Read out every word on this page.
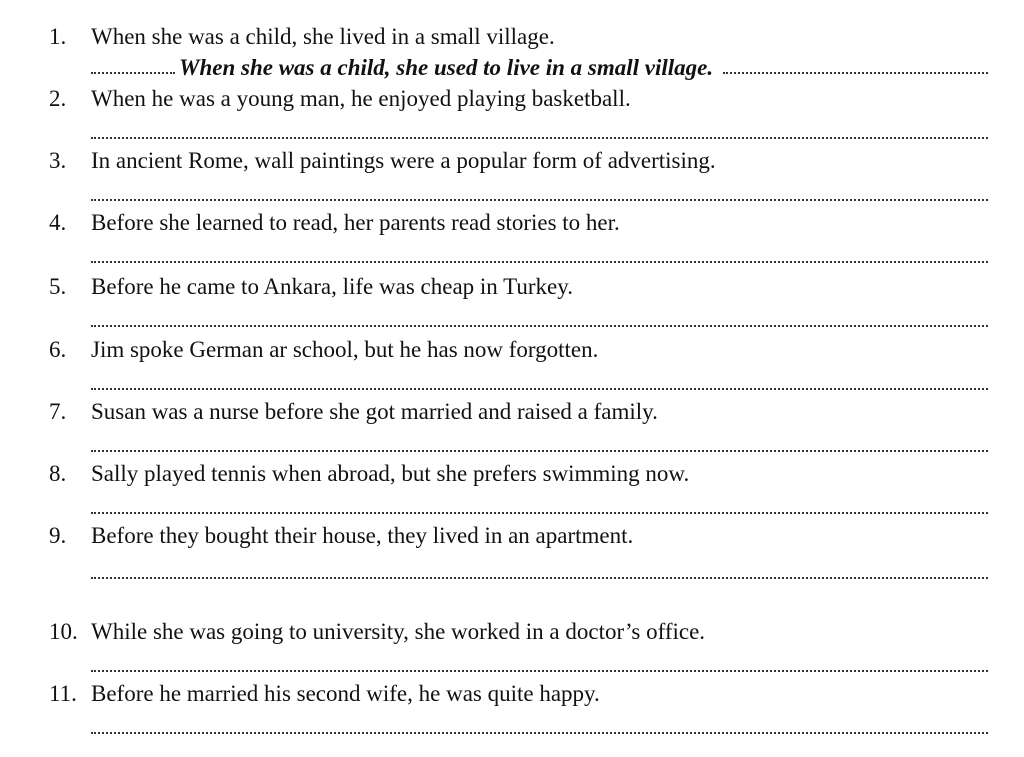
1. When she was a child, she lived in a small village.
When she was a child, she used to live in a small village.
2. When he was a young man, he enjoyed playing basketball.
3. In ancient Rome, wall paintings were a popular form of advertising.
4. Before she learned to read, her parents read stories to her.
5. Before he came to Ankara, life was cheap in Turkey.
6. Jim spoke German ar school, but he has now forgotten.
7. Susan was a nurse before she got married and raised a family.
8. Sally played tennis when abroad, but she prefers swimming now.
9. Before they bought their house, they lived in an apartment.
10. While she was going to university, she worked in a doctor’s office.
11. Before he married his second wife, he was quite happy.
